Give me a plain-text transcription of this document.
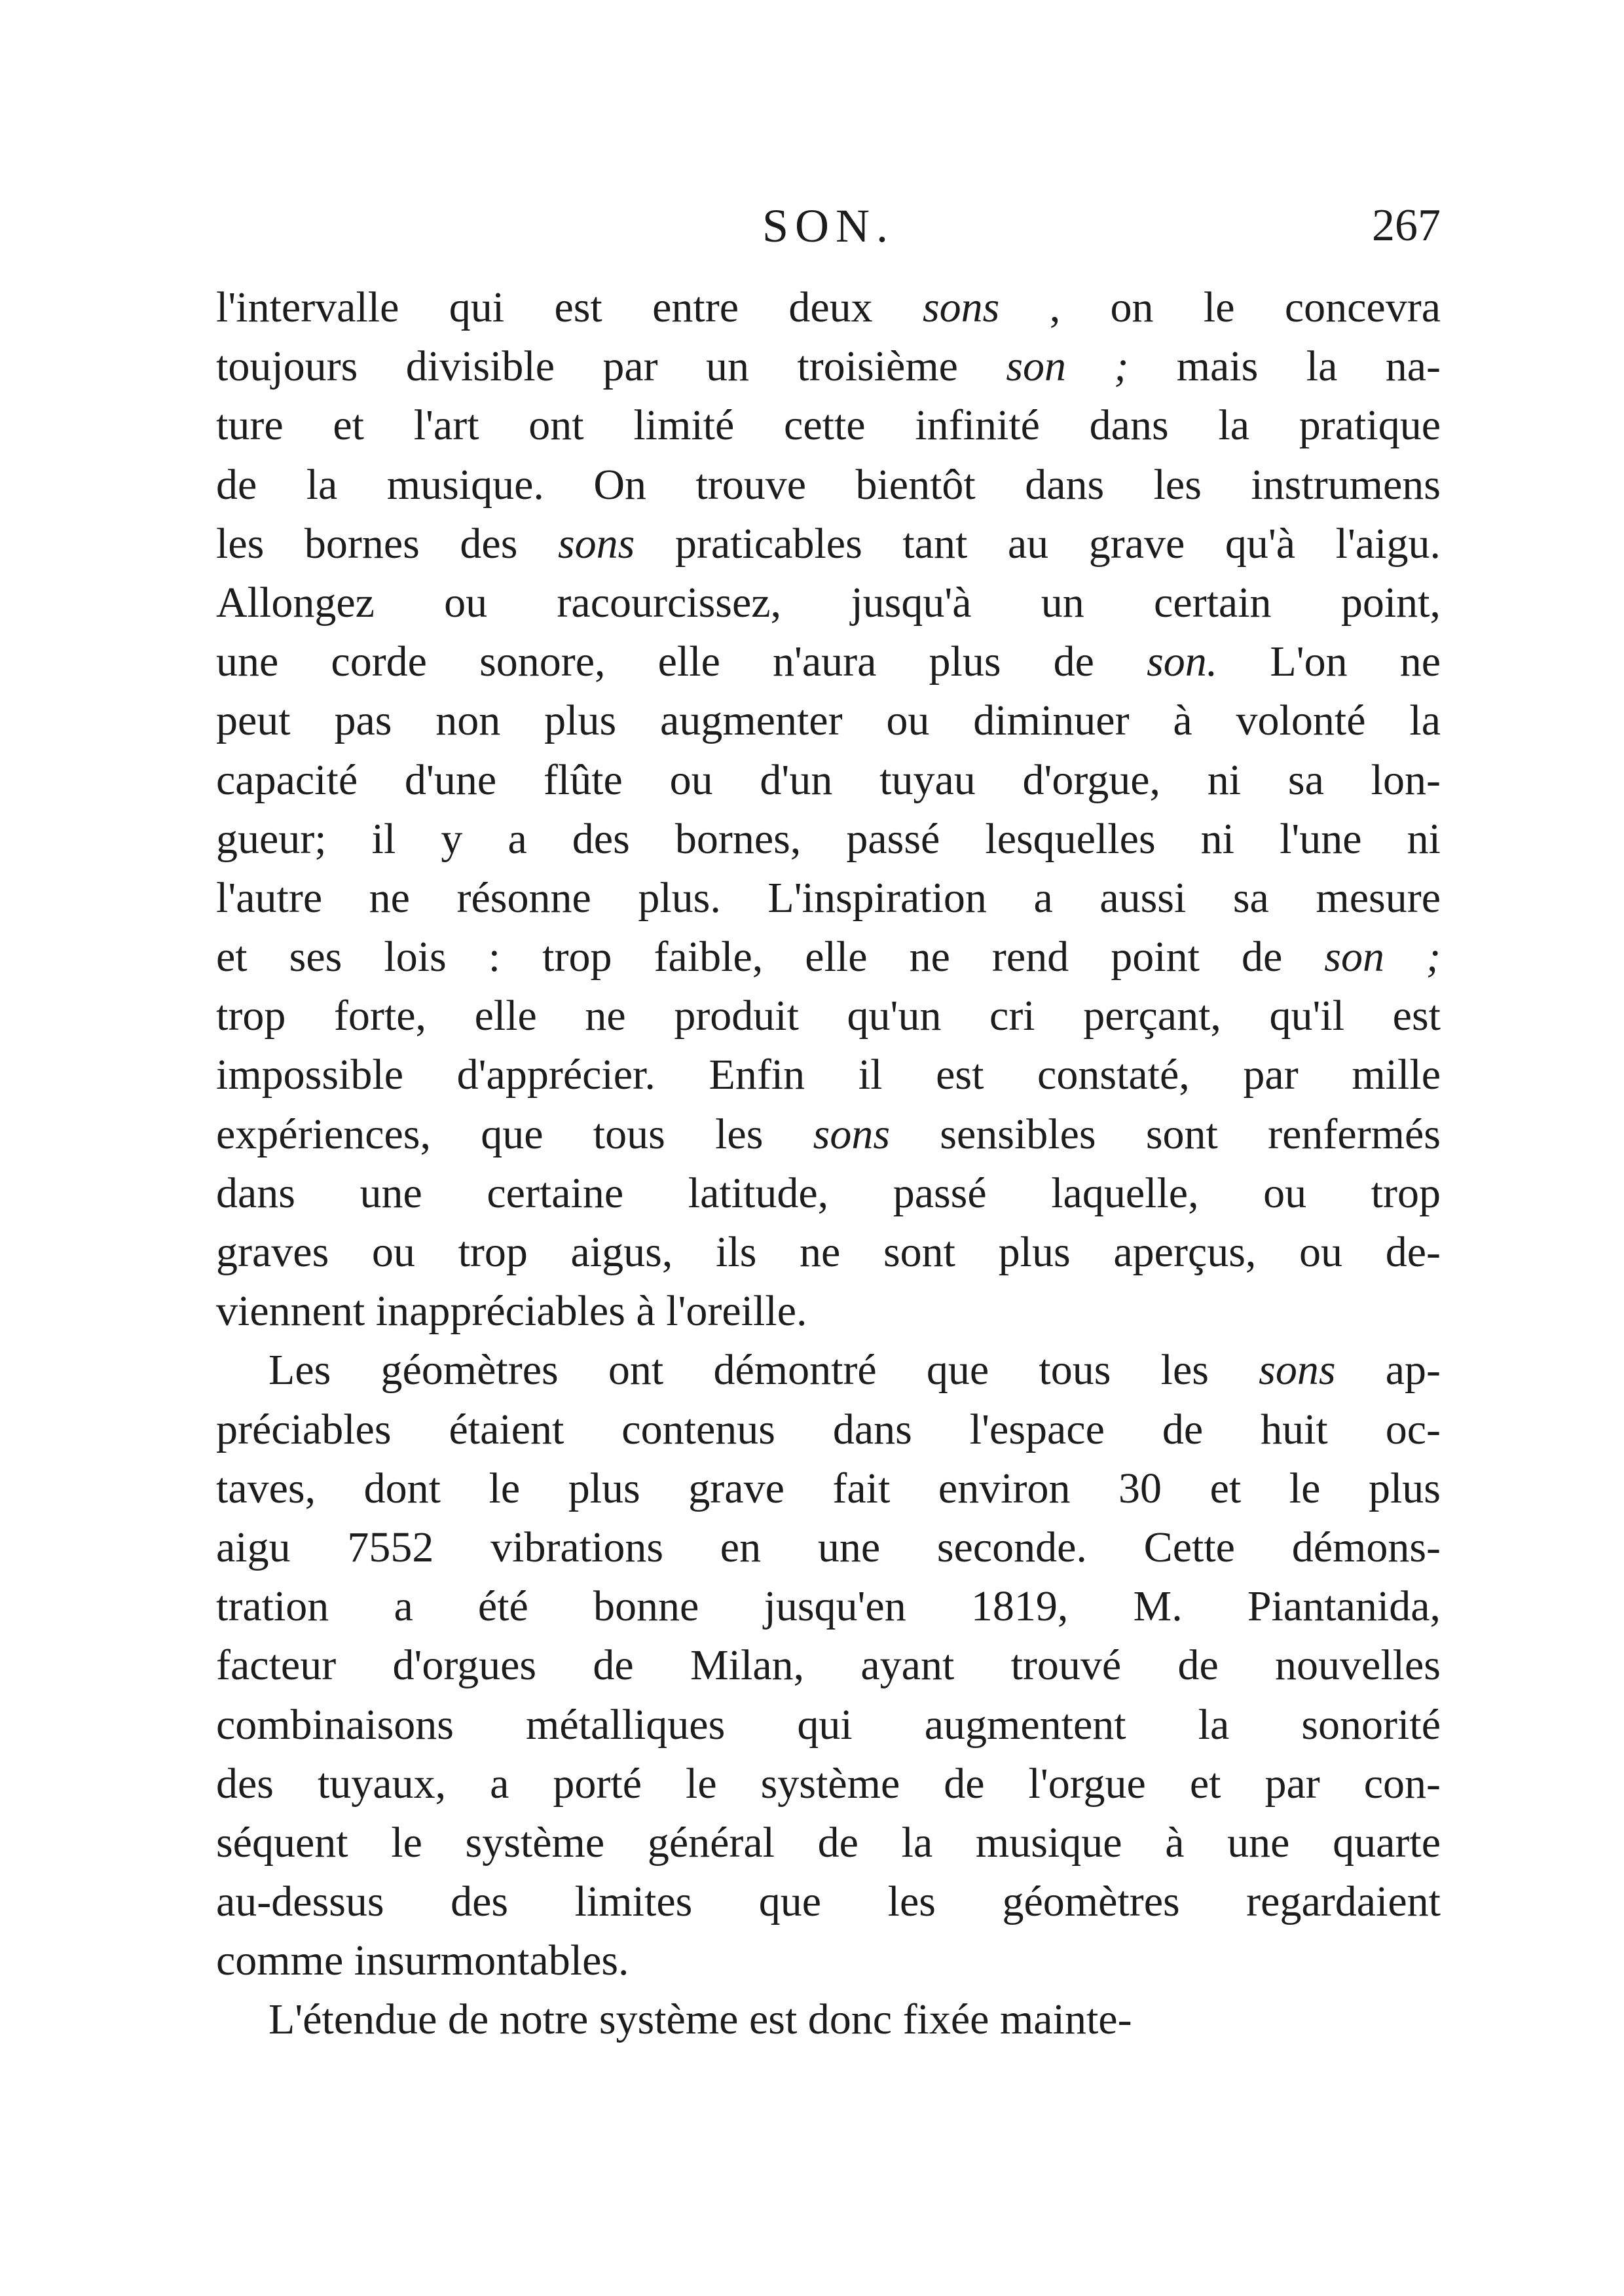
SON.	267
l'intervalle qui est entre deux sons , on le concevra
toujours divisible par un troisième son ; mais la na-
ture et l'art ont limité cette infinité dans la pratique
de la musique. On trouve bientôt dans les instrumens
les bornes des sons praticables tant au grave qu'à l'aigu.
Allongez ou racourcissez, jusqu'à un certain point,
une corde sonore, elle n'aura plus de son. L'on ne
peut pas non plus augmenter ou diminuer à volonté la
capacité d'une flûte ou d'un tuyau d'orgue, ni sa lon-
gueur; il y a des bornes, passé lesquelles ni l'une ni
l'autre ne résonne plus. L'inspiration a aussi sa mesure
et ses lois : trop faible, elle ne rend point de son ;
trop forte, elle ne produit qu'un cri perçant, qu'il est
impossible d'apprécier. Enfin il est constaté, par mille
expériences, que tous les sons sensibles sont renfermés
dans une certaine latitude, passé laquelle, ou trop
graves ou trop aigus, ils ne sont plus aperçus, ou de-
viennent inappréciables à l'oreille.
Les géomètres ont démontré que tous les sons ap-
préciables étaient contenus dans l'espace de huit oc-
taves, dont le plus grave fait environ 30 et le plus
aigu 7552 vibrations en une seconde. Cette démons-
tration a été bonne jusqu'en 1819, M. Piantanida,
facteur d'orgues de Milan, ayant trouvé de nouvelles
combinaisons métalliques qui augmentent la sonorité
des tuyaux, a porté le système de l'orgue et par con-
séquent le système général de la musique à une quarte
au-dessus des limites que les géomètres regardaient
comme insurmontables.
L'étendue de notre système est donc fixée mainte-
